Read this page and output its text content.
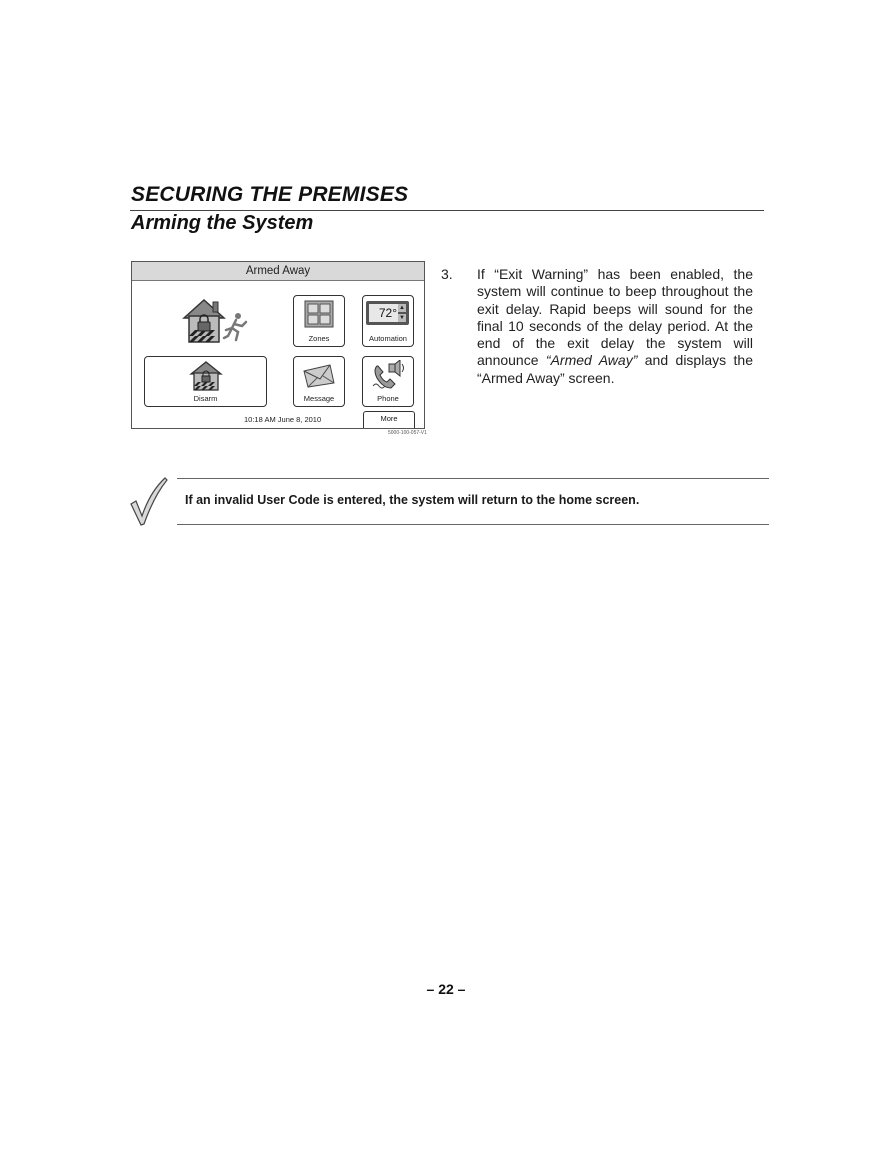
SECURING THE PREMISES
Arming the System
Armed Away
Zones
72° ▲
▼
Automation
Disarm	Message	Phone
10:18 AM June 8, 2010	More
5000-100-057-V1
3. If “Exit Warning” has been enabled, the system will continue to beep throughout the exit delay. Rapid beeps will sound for the final 10 seconds of the delay period. At the end of the exit delay the system will announce “Armed Away” and displays the “Armed Away” screen.
If an invalid User Code is entered, the system will return to the home screen.
– 22 –
